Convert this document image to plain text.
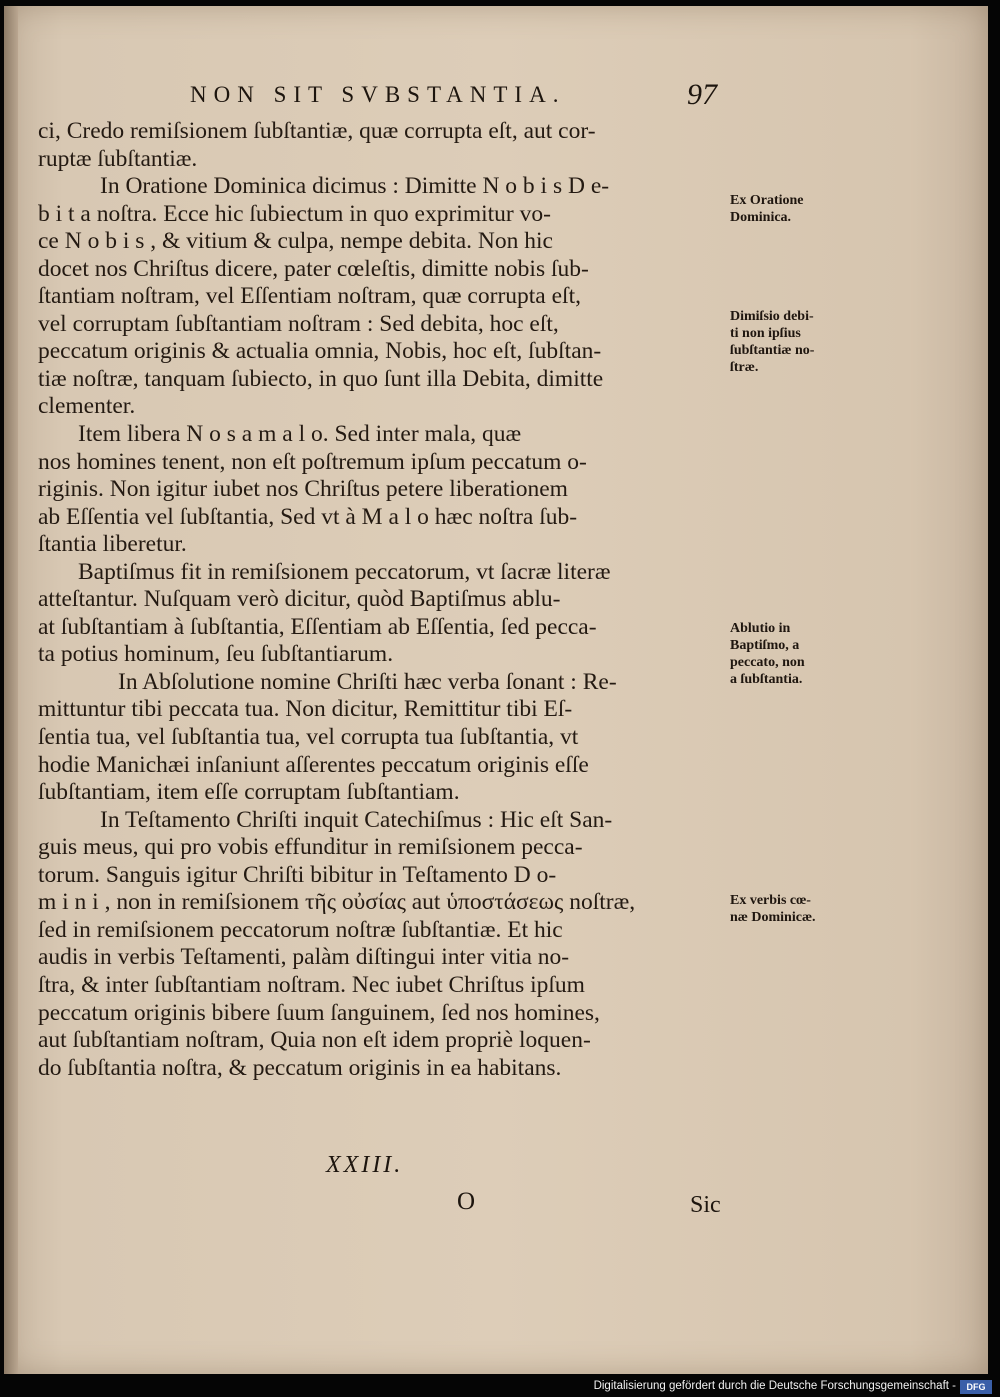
NON SIT SVBSTANTIA.	97
ci, Credo remiſsionem ſubſtantiæ, quæ corrupta eſt, aut cor-
ruptæ ſubſtantiæ.
In Oratione Dominica dicimus : Dimitte N o b i s D e-
b i t a noſtra. Ecce hic ſubiectum in quo exprimitur vo-
ce N o b i s , & vitium & culpa, nempe debita. Non hic
docet nos Chriſtus dicere, pater cœleſtis, dimitte nobis ſub-
ſtantiam noſtram, vel Eſſentiam noſtram, quæ corrupta eſt,
vel corruptam ſubſtantiam noſtram : Sed debita, hoc eſt,
peccatum originis & actualia omnia, Nobis, hoc eſt, ſubſtan-
tiæ noſtræ, tanquam ſubiecto, in quo ſunt illa Debita, dimitte
clementer.
Item libera N o s a m a l o. Sed inter mala, quæ
nos homines tenent, non eſt poſtremum ipſum peccatum o-
riginis. Non igitur iubet nos Chriſtus petere liberationem
ab Eſſentia vel ſubſtantia, Sed vt à M a l o hæc noſtra ſub-
ſtantia liberetur.
Baptiſmus fit in remiſsionem peccatorum, vt ſacræ literæ
atteſtantur. Nuſquam verò dicitur, quòd Baptiſmus ablu-
at ſubſtantiam à ſubſtantia, Eſſentiam ab Eſſentia, ſed pecca-
ta potius hominum, ſeu ſubſtantiarum.
In Abſolutione nomine Chriſti hæc verba ſonant : Re-
mittuntur tibi peccata tua. Non dicitur, Remittitur tibi Eſ-
ſentia tua, vel ſubſtantia tua, vel corrupta tua ſubſtantia, vt
hodie Manichæi inſaniunt aſſerentes peccatum originis eſſe
ſubſtantiam, item eſſe corruptam ſubſtantiam.
In Teſtamento Chriſti inquit Catechiſmus : Hic eſt San-
guis meus, qui pro vobis effunditur in remiſsionem pecca-
torum. Sanguis igitur Chriſti bibitur in Teſtamento D o-
m i n i , non in remiſsionem τῆς οὐσίας aut ὑποστάσεως noſtræ,
ſed in remiſsionem peccatorum noſtræ ſubſtantiæ. Et hic
audis in verbis Teſtamenti, palàm diſtingui inter vitia no-
ſtra, & inter ſubſtantiam noſtram. Nec iubet Chriſtus ipſum
peccatum originis bibere ſuum ſanguinem, ſed nos homines,
aut ſubſtantiam noſtram, Quia non eſt idem propriè loquen-
do ſubſtantia noſtra, & peccatum originis in ea habitans.
Ex Oratione
Dominica.
Dimiſsio debi-
ti non ipſius
ſubſtantiæ no-
ſtræ.
Ablutio in
Baptiſmo, a
peccato, non
a ſubſtantia.
Ex verbis cœ-
næ Dominicæ.
XXIII.
O	Sic
Digitalisierung gefördert durch die Deutsche Forschungsgemeinschaft -	DFG
